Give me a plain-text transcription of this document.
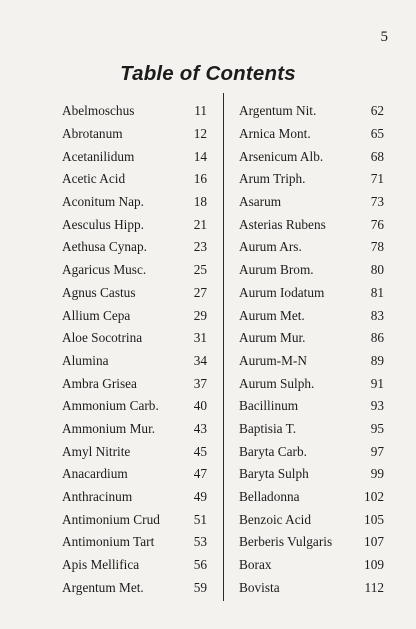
5
Table of Contents
Abelmoschus	11
Abrotanum	12
Acetanilidum	14
Acetic Acid	16
Aconitum Nap.	18
Aesculus Hipp.	21
Aethusa Cynap.	23
Agaricus Musc.	25
Agnus Castus	27
Allium Cepa	29
Aloe Socotrina	31
Alumina	34
Ambra Grisea	37
Ammonium Carb.	40
Ammonium Mur.	43
Amyl Nitrite	45
Anacardium	47
Anthracinum	49
Antimonium Crud	51
Antimonium Tart	53
Apis Mellifica	56
Argentum Met.	59
Argentum Nit.	62
Arnica Mont.	65
Arsenicum Alb.	68
Arum Triph.	71
Asarum	73
Asterias Rubens	76
Aurum Ars.	78
Aurum Brom.	80
Aurum Iodatum	81
Aurum Met.	83
Aurum Mur.	86
Aurum-M-N	89
Aurum Sulph.	91
Bacillinum	93
Baptisia T.	95
Baryta Carb.	97
Baryta Sulph	99
Belladonna	102
Benzoic Acid	105
Berberis Vulgaris	107
Borax	109
Bovista	112
